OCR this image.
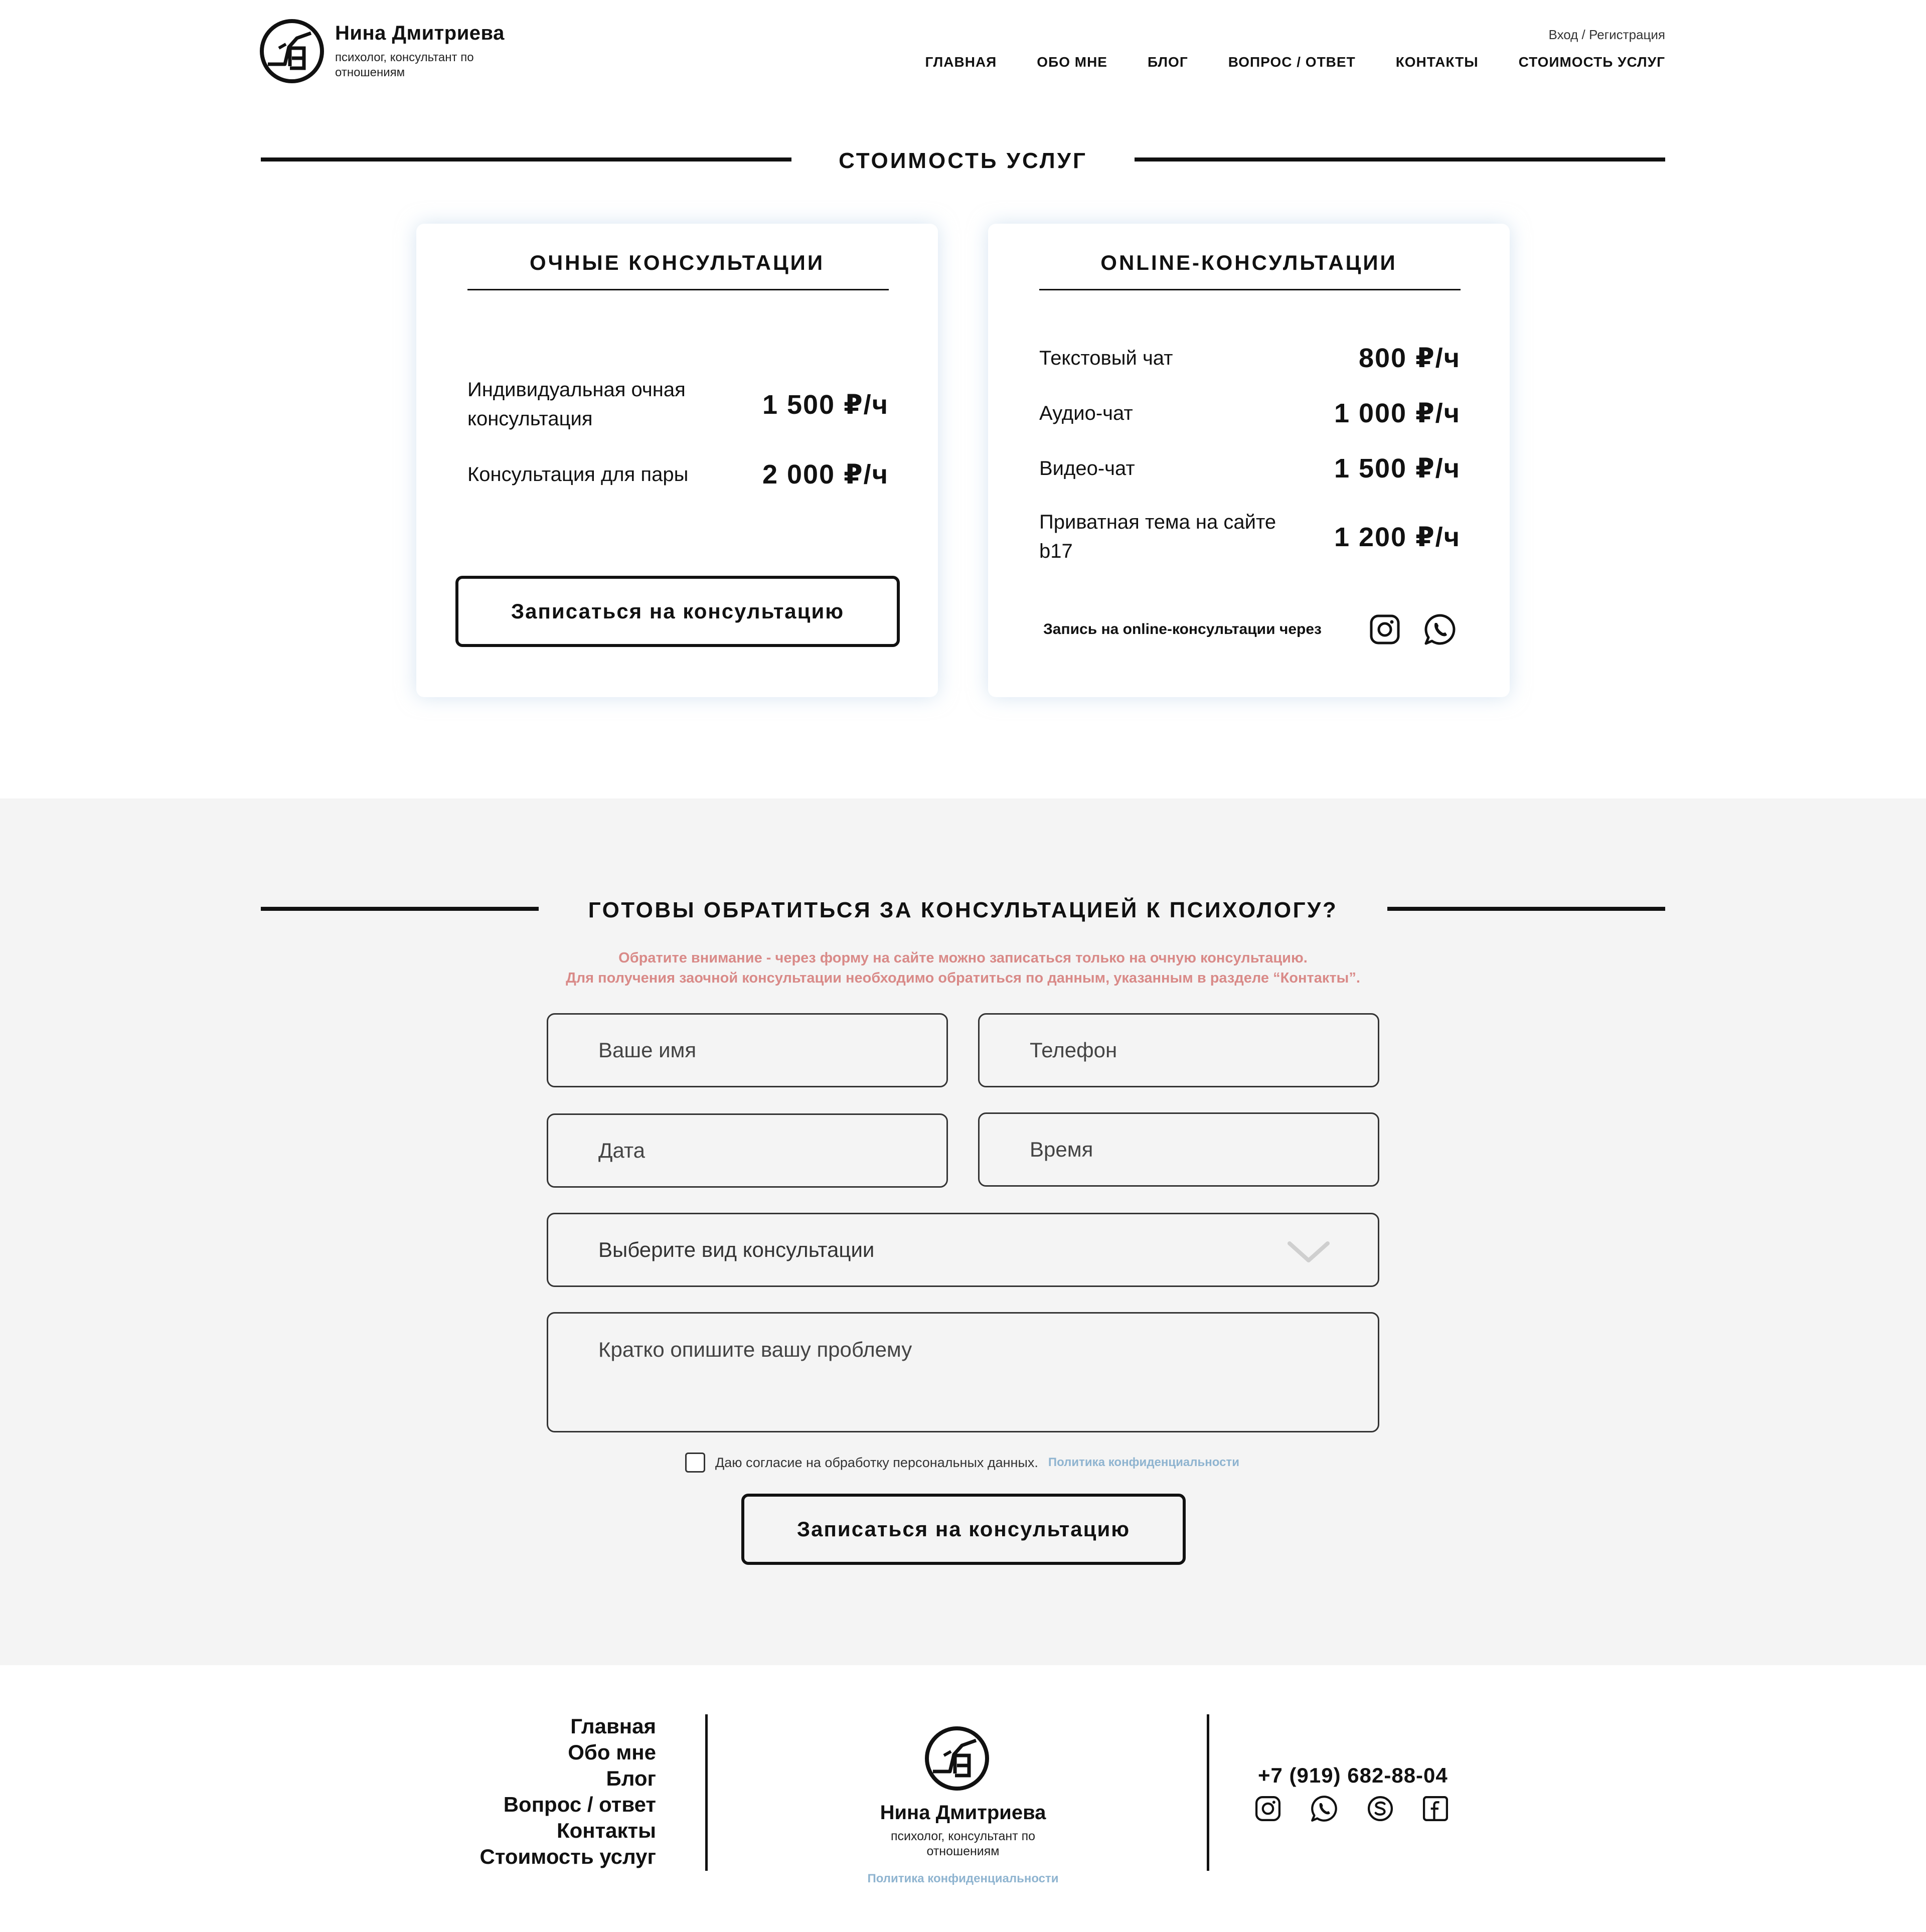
Нина Дмитриева
психолог, консультант по отношениям
Вход / Регистрация
ГЛАВНАЯ	ОБО МНЕ	БЛОГ	ВОПРОС / ОТВЕТ	КОНТАКТЫ	СТОИМОСТЬ УСЛУГ
СТОИМОСТЬ УСЛУГ
ОЧНЫЕ КОНСУЛЬТАЦИИ
Индивидуальная очная консультация	1 500 ₽/ч
Консультация для пары	2 000 ₽/ч
Записаться на консультацию
ONLINE-КОНСУЛЬТАЦИИ
Текстовый чат	800 ₽/ч
Аудио-чат	1 000 ₽/ч
Видео-чат	1 500 ₽/ч
Приватная тема на сайте b17	1 200 ₽/ч
Запись на online-консультации через
ГОТОВЫ ОБРАТИТЬСЯ ЗА КОНСУЛЬТАЦИЕЙ К ПСИХОЛОГУ?
Обратите внимание - через форму на сайте можно записаться только на очную консультацию.
Для получения заочной консультации необходимо обратиться по данным, указанным в разделе “Контакты”.
Ваше имя
Телефон
Дата
Время
Выберите вид консультации
Кратко опишите вашу проблему
Даю согласие на обработку персональных данных. Политика конфиденциальности
Записаться на консультацию
Главная
Обо мне
Блог
Вопрос / ответ
Контакты
Стоимость услуг
Нина Дмитриева
психолог, консультант по отношениям
Политика конфиденциальности
+7 (919) 682-88-04
